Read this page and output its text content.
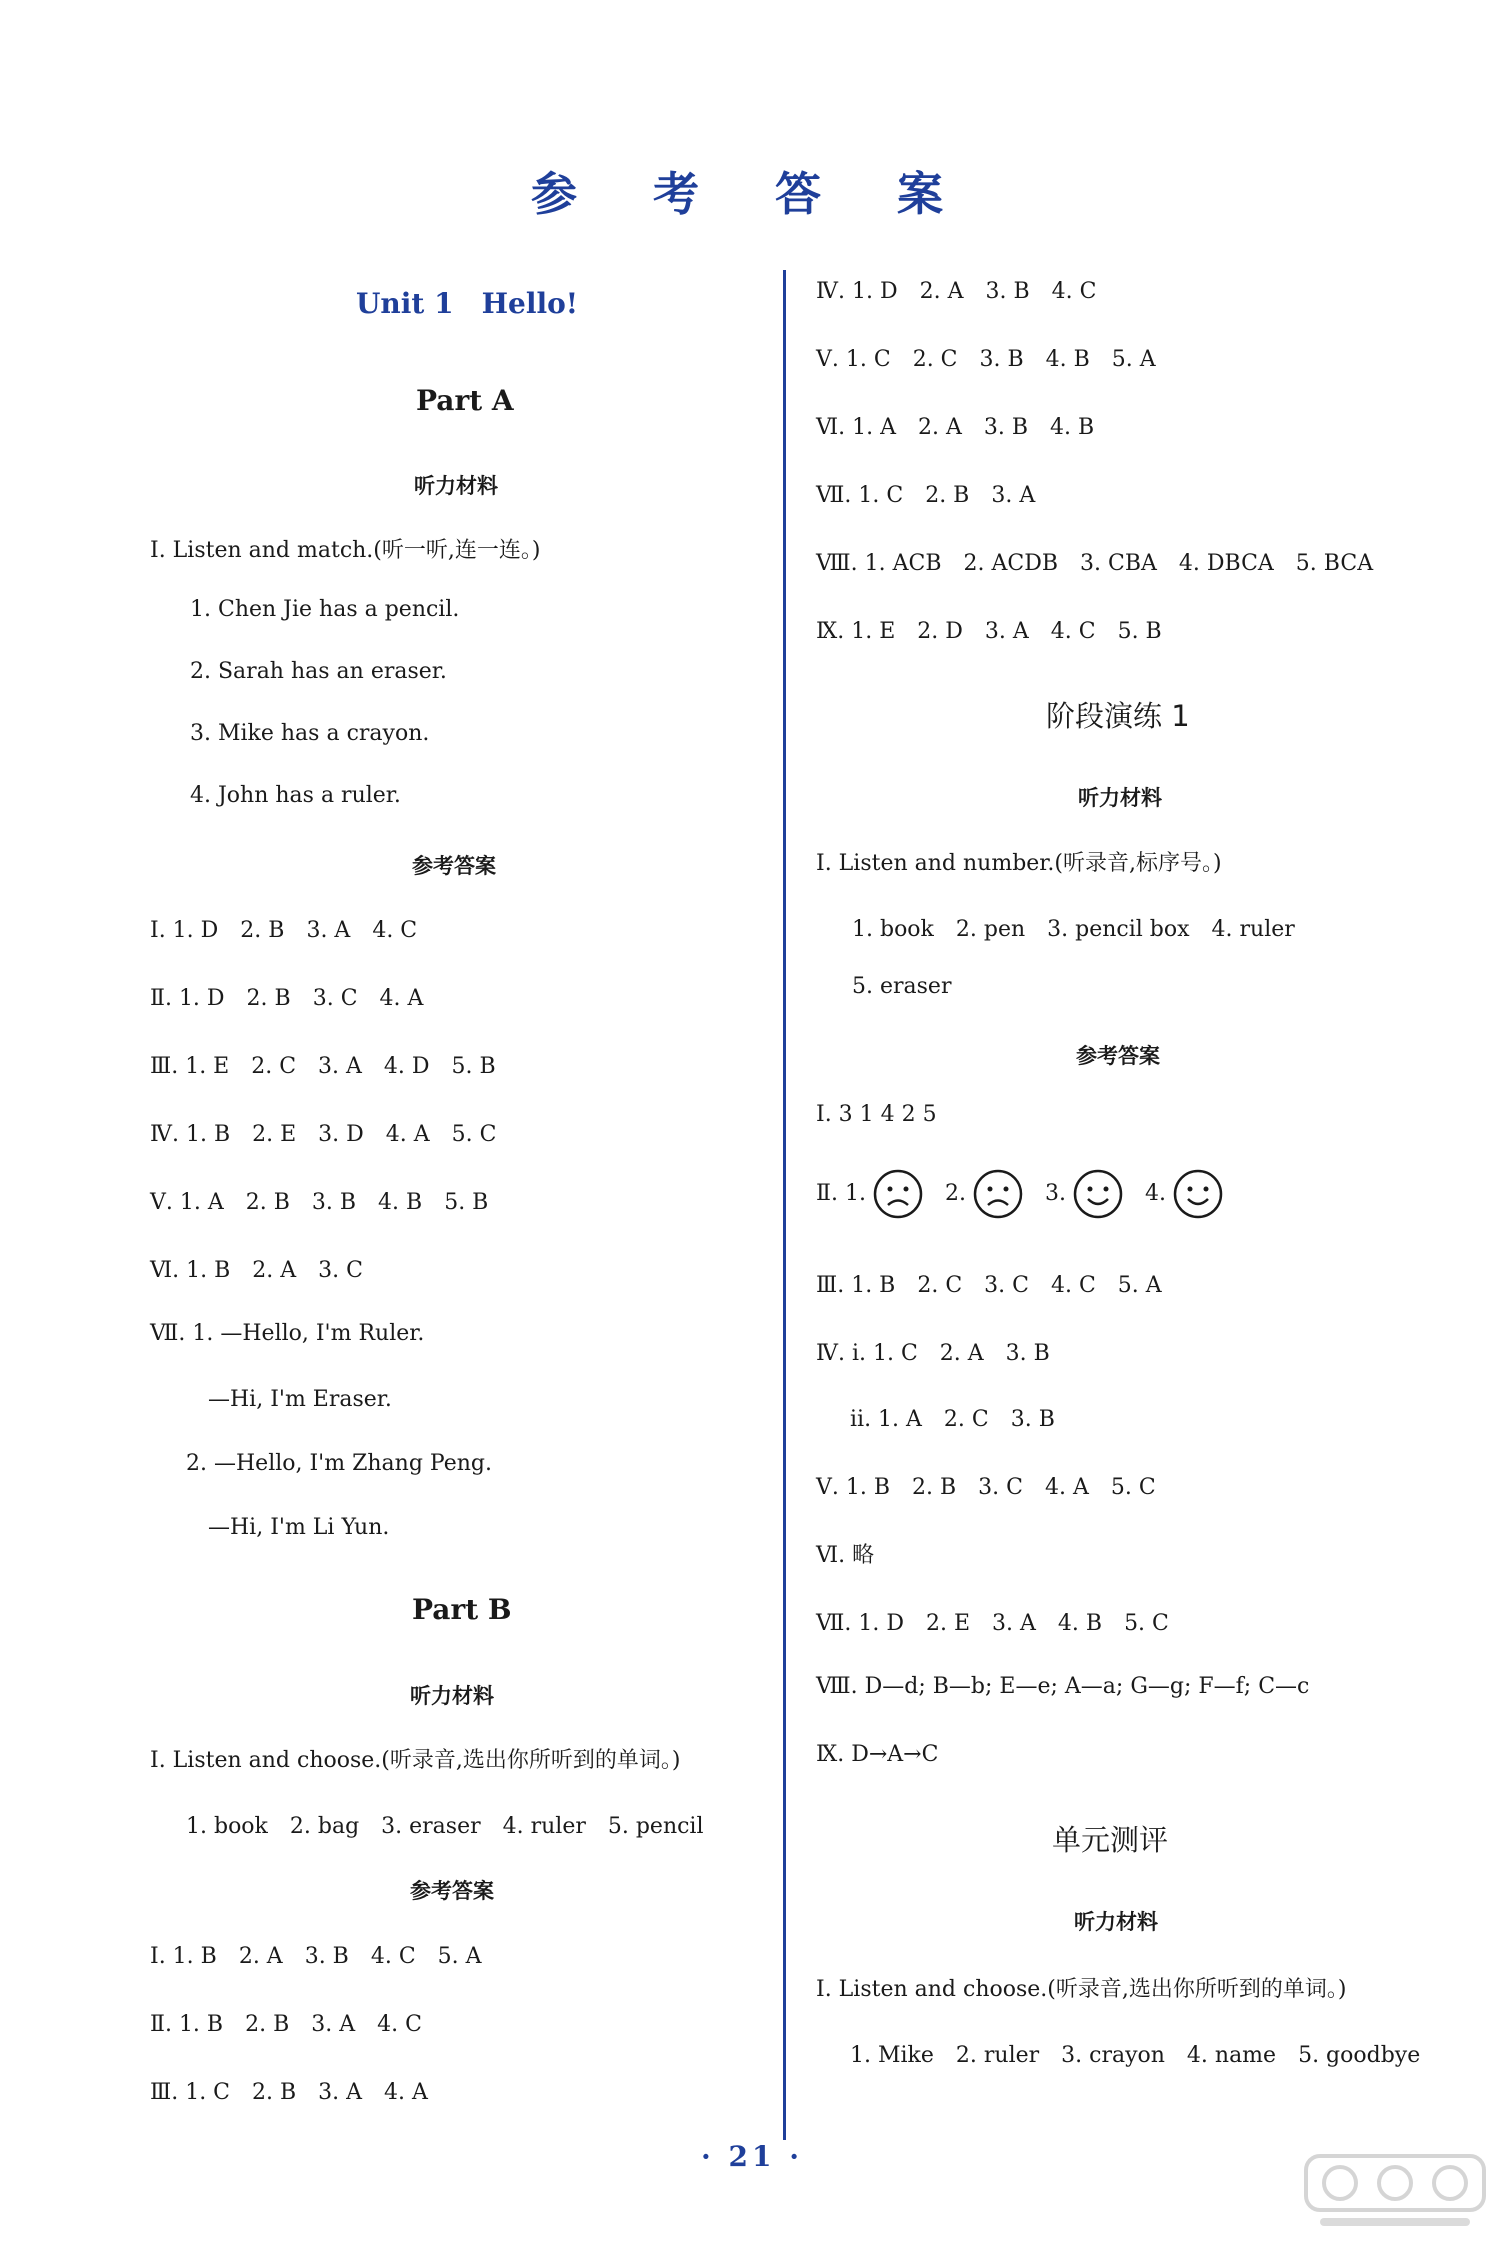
参 考 答 案
Unit 1　Hello!
Part A
听力材料
Ⅰ. Listen and match.(听一听,连一连。)
1. Chen Jie has a pencil.
2. Sarah has an eraser.
3. Mike has a crayon.
4. John has a ruler.
参考答案
Ⅰ. 1. D　2. B　3. A　4. C
Ⅱ. 1. D　2. B　3. C　4. A
Ⅲ. 1. E　2. C　3. A　4. D　5. B
Ⅳ. 1. B　2. E　3. D　4. A　5. C
Ⅴ. 1. A　2. B　3. B　4. B　5. B
Ⅵ. 1. B　2. A　3. C
Ⅶ. 1. —Hello, I'm Ruler.
—Hi, I'm Eraser.
2. —Hello, I'm Zhang Peng.
—Hi, I'm Li Yun.
Part B
听力材料
Ⅰ. Listen and choose.(听录音,选出你所听到的单词。)
1. book　2. bag　3. eraser　4. ruler　5. pencil
参考答案
Ⅰ. 1. B　2. A　3. B　4. C　5. A
Ⅱ. 1. B　2. B　3. A　4. C
Ⅲ. 1. C　2. B　3. A　4. A
Ⅳ. 1. D　2. A　3. B　4. C
Ⅴ. 1. C　2. C　3. B　4. B　5. A
Ⅵ. 1. A　2. A　3. B　4. B
Ⅶ. 1. C　2. B　3. A
Ⅷ. 1. ACB　2. ACDB　3. CBA　4. DBCA　5. BCA
Ⅸ. 1. E　2. D　3. A　4. C　5. B
阶段演练 1
听力材料
Ⅰ. Listen and number.(听录音,标序号。)
1. book　2. pen　3. pencil box　4. ruler
5. eraser
参考答案
Ⅰ. 3 1 4 2 5
Ⅱ. 1.	2.	3.	4.
Ⅲ. 1. B　2. C　3. C　4. C　5. A
Ⅳ. ⅰ. 1. C　2. A　3. B
ⅱ. 1. A　2. C　3. B
Ⅴ. 1. B　2. B　3. C　4. A　5. C
Ⅵ. 略
Ⅶ. 1. D　2. E　3. A　4. B　5. C
Ⅷ. D—d; B—b; E—e; A—a; G—g; F—f; C—c
Ⅸ. D→A→C
单元测评
听力材料
Ⅰ. Listen and choose.(听录音,选出你所听到的单词。)
1. Mike　2. ruler　3. crayon　4. name　5. goodbye
· 21 ·
